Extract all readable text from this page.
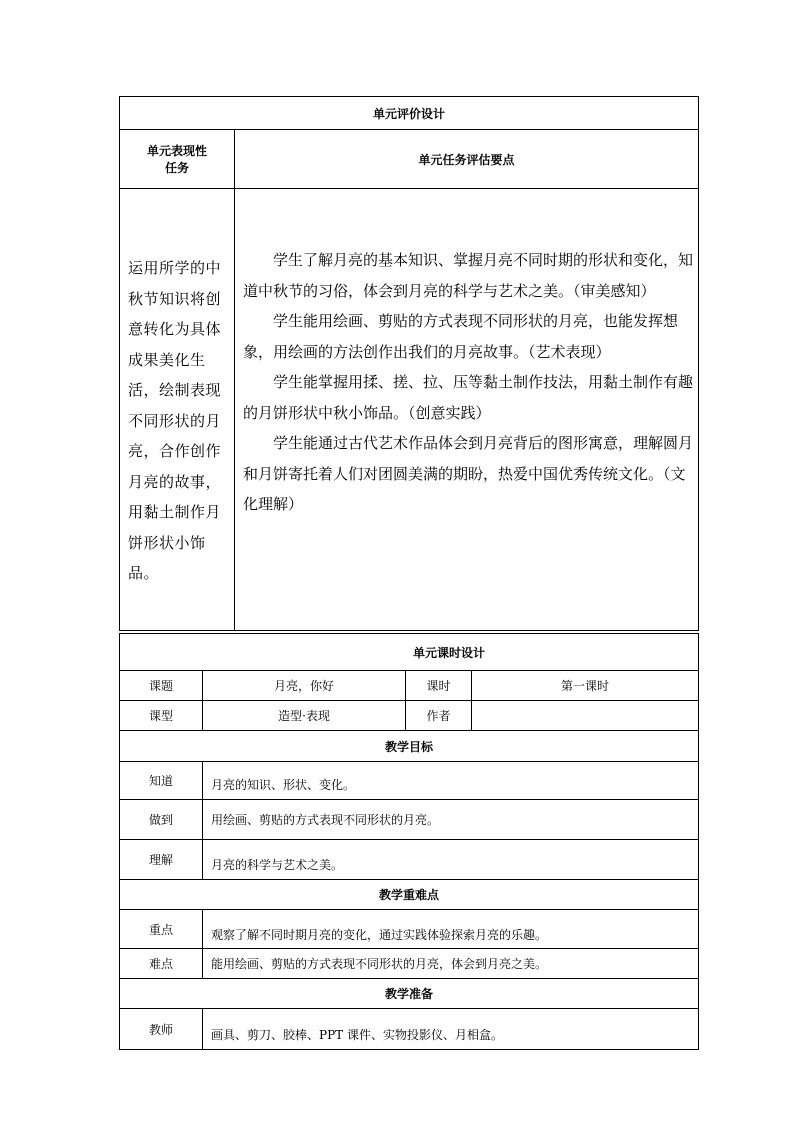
单元评价设计	
单元表现性任务	单元任务评估要点
运用所学的中 秋节知识将创 意转化为具体 成果美化生活，绘制表现 不同形状的月 亮，合作创作 月亮的故事，用黏土制作月 饼形状小饰 品。	学生了解月亮的基本知识、掌握月亮不同时期的形状和变化，知道中秋节的习俗，体会到月亮的科学与艺术之美。（审美感知）

学生能用绘画、剪贴的方式表现不同形状的月亮，也能发挥想象，用绘画的方法创作出我们的月亮故事。（艺术表现）

学生能掌握用揉、搓、拉、压等黏土制作技法，用黏土制作有趣的月饼形状中秋小饰品。（创意实践）

学生能通过古代艺术作品体会到月亮背后的图形寓意，理解圆月和月饼寄托着人们对团圆美满的期盼，热爱中国优秀传统文化。（文化理解）

单元课时设计			
课题	月亮，你好	课时	第一课时
课型	造型·表现	作者	
教学目标			
知道	月亮的知识、形状、变化。		
做到	用绘画、剪贴的方式表现不同形状的月亮。		
理解	月亮的科学与艺术之美。		
教学重难点			
重点	观察了解不同时期月亮的变化，通过实践体验探索月亮的乐趣。		
难点	能用绘画、剪贴的方式表现不同形状的月亮，体会到月亮之美。		
教学准备			
教师	画具、剪刀、胶棒、PPT 课件、实物投影仪、月相盒。		
